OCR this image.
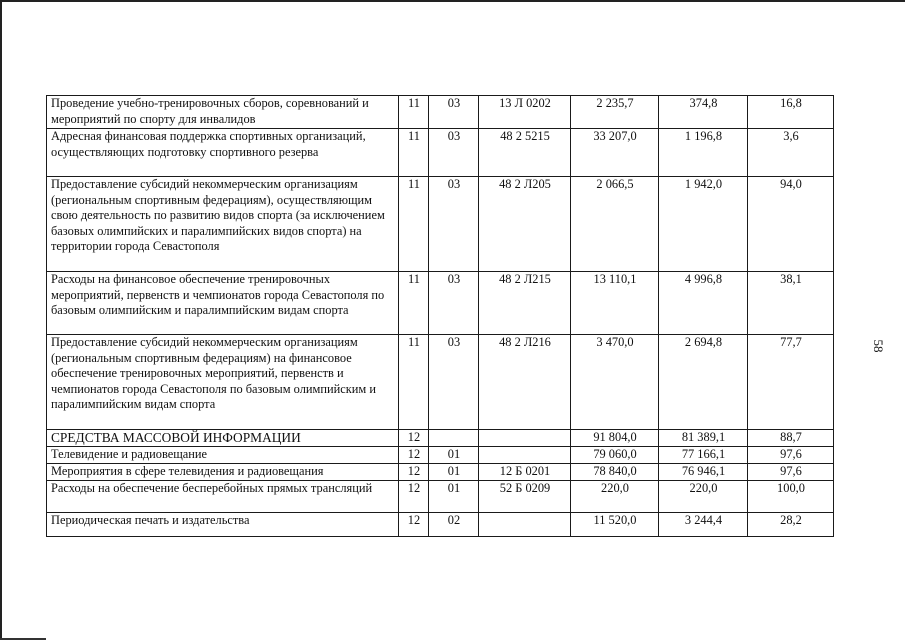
Проведение учебно-тренировочных сборов, соревнований и мероприятий по спорту для инвалидов	11	03	13 Л 0202	2 235,7	374,8	16,8
Адресная финансовая поддержка спортивных организаций, осуществляющих подготовку спортивного резерва	11	03	48 2 5215	33 207,0	1 196,8	3,6
Предоставление субсидий некоммерческим организациям (региональным спортивным федерациям), осуществляющим свою деятельность по развитию видов спорта (за исключением базовых олимпийских и паралимпийских видов спорта) на территории города Севастополя	11	03	48 2 Л205	2 066,5	1 942,0	94,0
Расходы на финансовое обеспечение тренировочных мероприятий, первенств и чемпионатов города Севастополя по базовым олимпийским и паралимпийским видам спорта	11	03	48 2 Л215	13 110,1	4 996,8	38,1
Предоставление субсидий некоммерческим организациям (региональным спортивным федерациям) на финансовое обеспечение тренировочных мероприятий, первенств и чемпионатов города Севастополя по базовым олимпийским и паралимпийским видам спорта	11	03	48 2 Л216	3 470,0	2 694,8	77,7
СРЕДСТВА МАССОВОЙ ИНФОРМАЦИИ	12			91 804,0	81 389,1	88,7
Телевидение и радиовещание	12	01		79 060,0	77 166,1	97,6
Мероприятия в сфере телевидения и радиовещания	12	01	12 Б 0201	78 840,0	76 946,1	97,6
Расходы на обеспечение бесперебойных прямых трансляций	12	01	52 Б 0209	220,0	220,0	100,0
Периодическая печать и издательства	12	02		11 520,0	3 244,4	28,2
58
